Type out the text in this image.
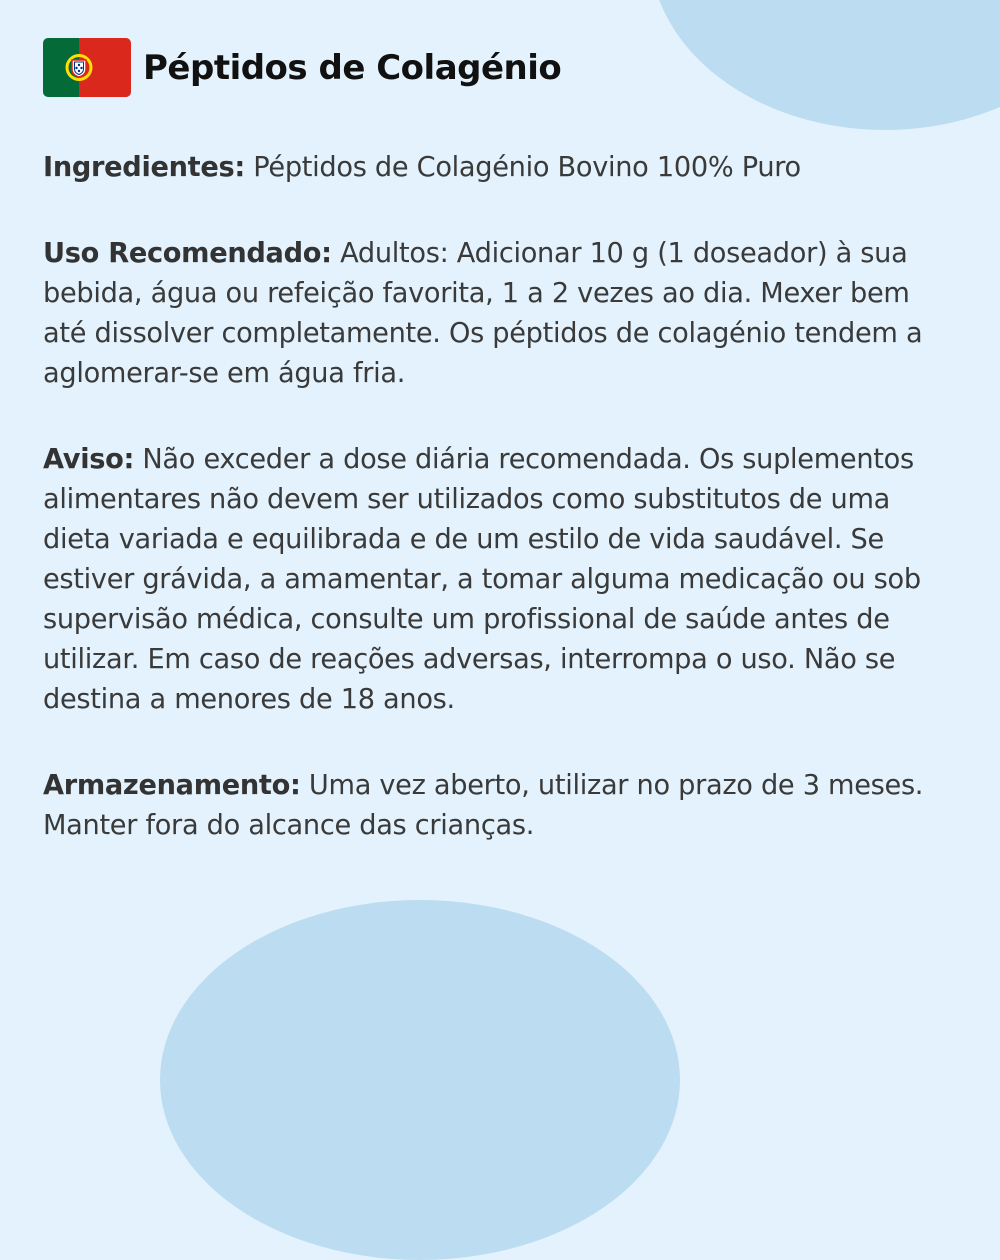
Péptidos de Colagénio

Ingredientes: Péptidos de Colagénio Bovino 100% Puro

Uso Recomendado: Adultos: Adicionar 10 g (1 doseador) à sua bebida, água ou refeição favorita, 1 a 2 vezes ao dia. Mexer bem até dissolver completamente. Os péptidos de colagénio tendem a aglomerar-se em água fria.

Aviso: Não exceder a dose diária recomendada. Os suplementos alimentares não devem ser utilizados como substitutos de uma dieta variada e equilibrada e de um estilo de vida saudável. Se estiver grávida, a amamentar, a tomar alguma medicação ou sob supervisão médica, consulte um profissional de saúde antes de utilizar. Em caso de reações adversas, interrompa o uso. Não se destina a menores de 18 anos.

Armazenamento: Uma vez aberto, utilizar no prazo de 3 meses. Manter fora do alcance das crianças.
